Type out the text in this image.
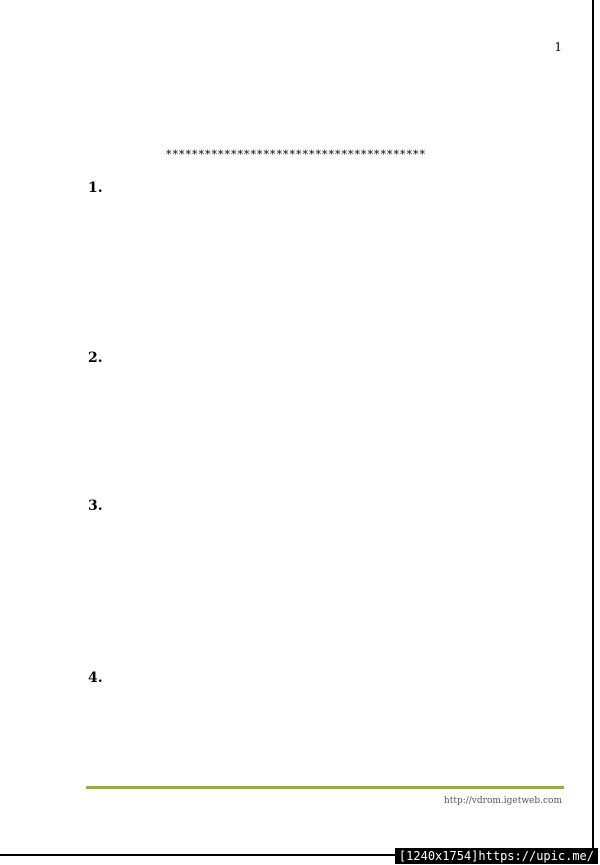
1
****************************************
1.
2.
3.
4.
http://vdrom.igetweb.com
[1240x1754]https://upic.me/
